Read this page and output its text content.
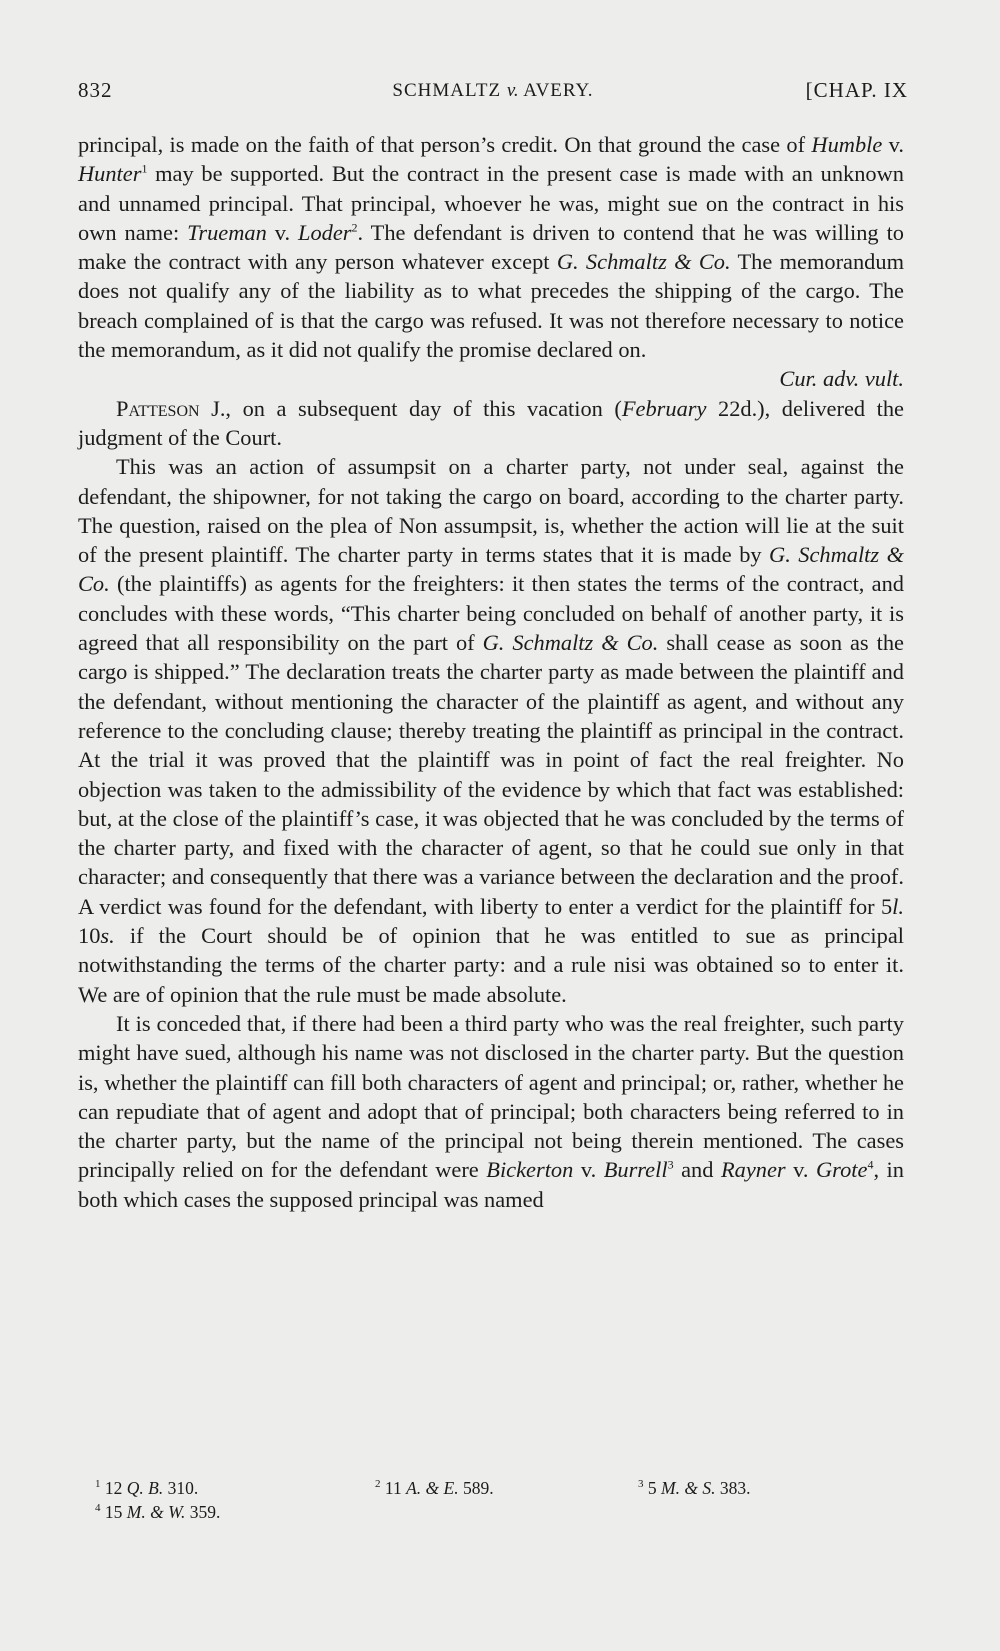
832	SCHMALTZ v. AVERY.	[CHAP. IX

principal, is made on the faith of that person’s credit. On that ground the case of Humble v. Hunter$^1$ may be supported. But the contract in the present case is made with an unknown and unnamed principal. That principal, whoever he was, might sue on the contract in his own name: Trueman v. Loder$^2$. The defendant is driven to contend that he was willing to make the contract with any person whatever except G. Schmaltz & Co. The memorandum does not qualify any of the liability as to what precedes the shipping of the cargo. The breach complained of is that the cargo was refused. It was not therefore necessary to notice the memorandum, as it did not qualify the promise declared on.

Cur. adv. vult.

Patteson J., on a subsequent day of this vacation (February 22d.), delivered the judgment of the Court.

This was an action of assumpsit on a charter party, not under seal, against the defendant, the shipowner, for not taking the cargo on board, according to the charter party. The question, raised on the plea of Non assumpsit, is, whether the action will lie at the suit of the present plaintiff. The charter party in terms states that it is made by G. Schmaltz & Co. (the plaintiffs) as agents for the freighters: it then states the terms of the contract, and concludes with these words, “This charter being concluded on behalf of another party, it is agreed that all responsibility on the part of G. Schmaltz & Co. shall cease as soon as the cargo is shipped.” The declaration treats the charter party as made between the plaintiff and the defendant, without mentioning the character of the plaintiff as agent, and without any reference to the concluding clause; thereby treating the plaintiff as principal in the contract. At the trial it was proved that the plaintiff was in point of fact the real freighter. No objection was taken to the admissibility of the evidence by which that fact was established: but, at the close of the plaintiff’s case, it was objected that he was concluded by the terms of the charter party, and fixed with the character of agent, so that he could sue only in that character; and consequently that there was a variance between the declaration and the proof. A verdict was found for the defendant, with liberty to enter a verdict for the plaintiff for 5l. 10s. if the Court should be of opinion that he was entitled to sue as principal notwithstanding the terms of the charter party: and a rule nisi was obtained so to enter it. We are of opinion that the rule must be made absolute.

It is conceded that, if there had been a third party who was the real freighter, such party might have sued, although his name was not disclosed in the charter party. But the question is, whether the plaintiff can fill both characters of agent and principal; or, rather, whether he can repudiate that of agent and adopt that of principal; both characters being referred to in the charter party, but the name of the principal not being therein mentioned. The cases principally relied on for the defendant were Bickerton v. Burrell$^3$ and Rayner v. Grote$^4$, in both which cases the supposed principal was named

$^1$ 12 Q. B. 310.	$^2$ 11 A. & E. 589.	$^3$ 5 M. & S. 383.
$^4$ 15 M. & W. 359.
